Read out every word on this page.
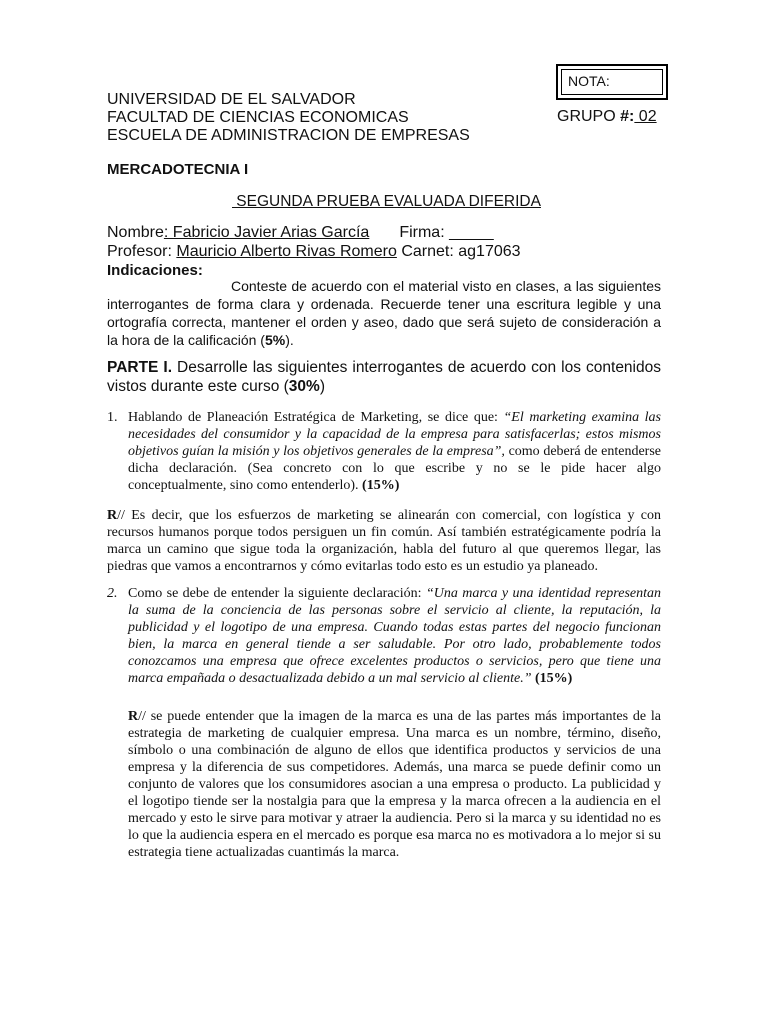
NOTA:
UNIVERSIDAD DE EL SALVADOR
FACULTAD DE CIENCIAS ECONOMICAS
ESCUELA DE ADMINISTRACION DE EMPRESAS
GRUPO #: 02
MERCADOTECNIA I
SEGUNDA PRUEBA EVALUADA DIFERIDA
Nombre: Fabricio Javier Arias García Firma: _____
Profesor: Mauricio Alberto Rivas Romero Carnet: ag17063
Indicaciones:
Conteste de acuerdo con el material visto en clases, a las siguientes interrogantes de forma clara y ordenada. Recuerde tener una escritura legible y una ortografía correcta, mantener el orden y aseo, dado que será sujeto de consideración a la hora de la calificación (5%).
PARTE I. Desarrolle las siguientes interrogantes de acuerdo con los contenidos vistos durante este curso (30%)
1. Hablando de Planeación Estratégica de Marketing, se dice que: “El marketing examina las necesidades del consumidor y la capacidad de la empresa para satisfacerlas; estos mismos objetivos guían la misión y los objetivos generales de la empresa”, como deberá de entenderse dicha declaración. (Sea concreto con lo que escribe y no se le pide hacer algo conceptualmente, sino como entenderlo). (15%)
R// Es decir, que los esfuerzos de marketing se alinearán con comercial, con logística y con recursos humanos porque todos persiguen un fin común. Así también estratégicamente podría la marca un camino que sigue toda la organización, habla del futuro al que queremos llegar, las piedras que vamos a encontrarnos y cómo evitarlas todo esto es un estudio ya planeado.
2. Como se debe de entender la siguiente declaración: “Una marca y una identidad representan la suma de la conciencia de las personas sobre el servicio al cliente, la reputación, la publicidad y el logotipo de una empresa. Cuando todas estas partes del negocio funcionan bien, la marca en general tiende a ser saludable. Por otro lado, probablemente todos conozcamos una empresa que ofrece excelentes productos o servicios, pero que tiene una marca empañada o desactualizada debido a un mal servicio al cliente.” (15%)
R// se puede entender que la imagen de la marca es una de las partes más importantes de la estrategia de marketing de cualquier empresa. Una marca es un nombre, término, diseño, símbolo o una combinación de alguno de ellos que identifica productos y servicios de una empresa y la diferencia de sus competidores. Además, una marca se puede definir como un conjunto de valores que los consumidores asocian a una empresa o producto. La publicidad y el logotipo tiende ser la nostalgia para que la empresa y la marca ofrecen a la audiencia en el mercado y esto le sirve para motivar y atraer la audiencia. Pero si la marca y su identidad no es lo que la audiencia espera en el mercado es porque esa marca no es motivadora a lo mejor si su estrategia tiene actualizadas cuantimás la marca.
